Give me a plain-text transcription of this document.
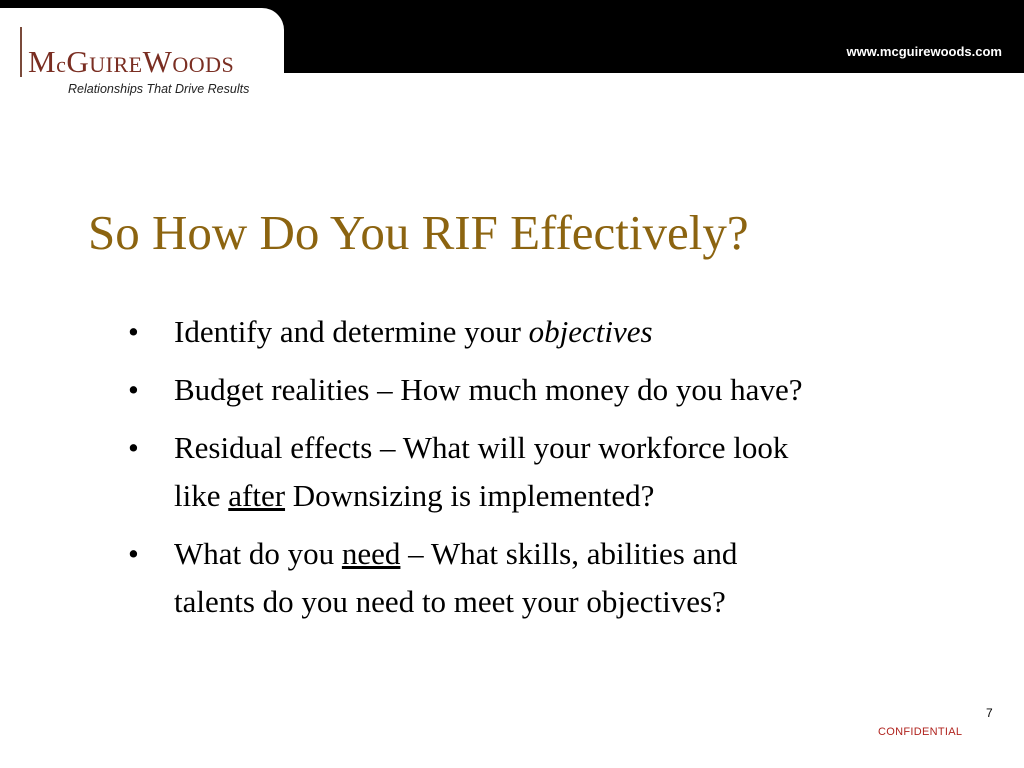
McGUIREWOODS
Relationships That Drive Results
www.mcguirewoods.com
So How Do You RIF Effectively?
• Identify and determine your objectives
• Budget realities – How much money do you have?
• Residual effects – What will your workforce look
like after Downsizing is implemented?
• What do you need – What skills, abilities and
talents do you need to meet your objectives?
7
CONFIDENTIAL
